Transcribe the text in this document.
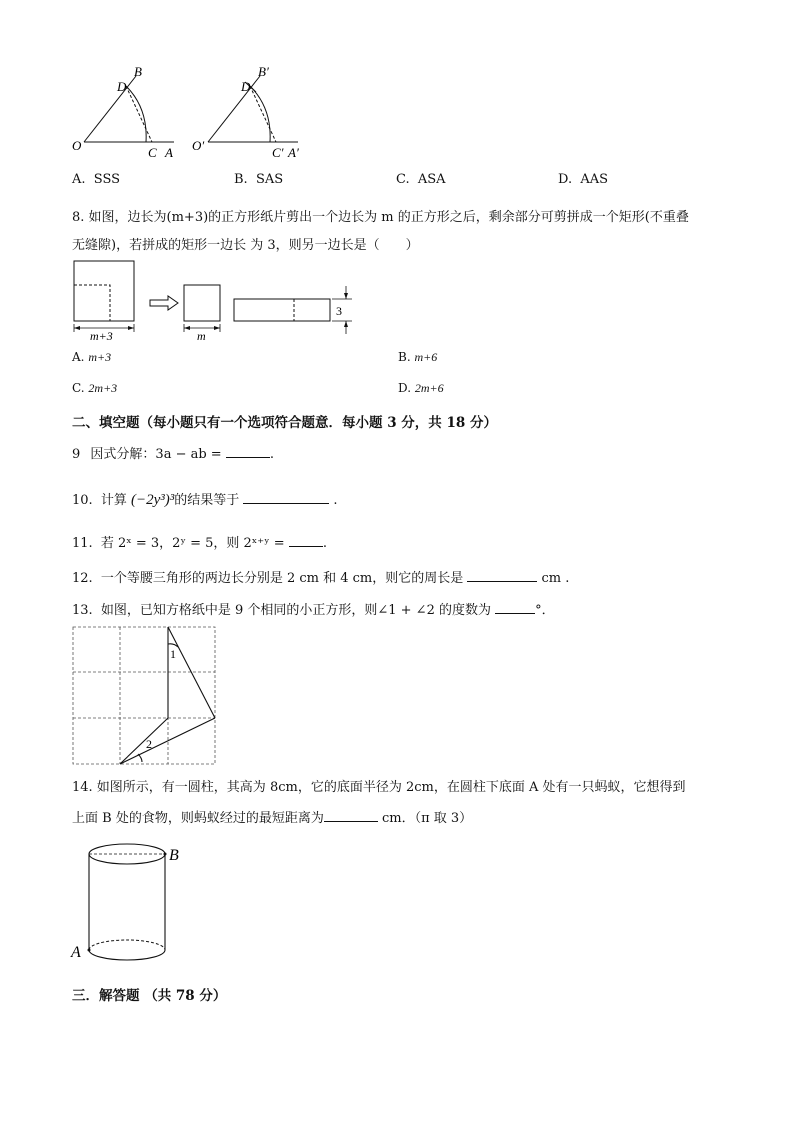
B
D
O	C A
B′
D
O′	C′ A′
A. SSS	B. SAS	C. ASA	D. AAS
8. 如图，边长为(m+3)的正方形纸片剪出一个边长为 m 的正方形之后，剩余部分可剪拼成一个矩形(不重叠
无缝隙)，若拼成的矩形一边长 为 3，则另一边长是（　　）
m+3	m
3
A. m+3	B. m+6
C. 2m+3	D. 2m+6
二、填空题（每小题只有一个选项符合题意．每小题 3 分，共 18 分）
9 因式分解：3a − ab =	.
10. 计算 (−2y³)³的结果等于	.
11. 若 2ˣ = 3，2ʸ = 5，则 2ˣ⁺ʸ =	.
12. 一个等腰三角形的两边长分别是 2 cm 和 4 cm，则它的周长是	cm .
13. 如图，已知方格纸中是 9 个相同的小正方形，则∠1 + ∠2 的度数为	°．
1
2
14. 如图所示，有一圆柱，其高为 8cm，它的底面半径为 2cm，在圆柱下底面 A 处有一只蚂蚁，它想得到
上面 B 处的食物，则蚂蚁经过的最短距离为	cm．（π 取 3）
B
A
三．解答题 （共 78 分）
